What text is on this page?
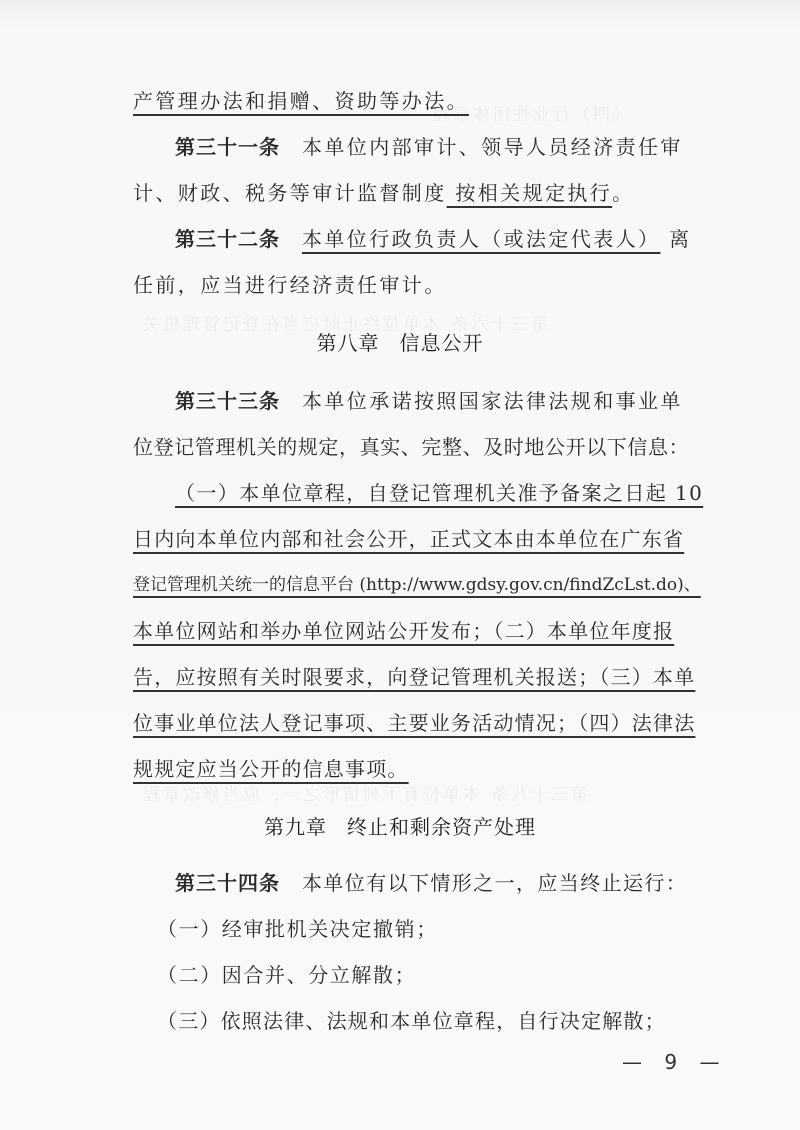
（四）行业性团体章程
第三十六条 本单位终止时应当在登记管理机关
第三十八条 本单位有下列情形之一，应当修改章程
产管理办法和捐赠、资助等办法。
第三十一条 本单位内部审计、领导人员经济责任审
计、财政、税务等审计监督制度 按相关规定执行。
第三十二条 本单位行政负责人（或法定代表人） 离
任前，应当进行经济责任审计。
第八章 信息公开
第三十三条 本单位承诺按照国家法律法规和事业单
位登记管理机关的规定，真实、完整、及时地公开以下信息：
（一）本单位章程，自登记管理机关准予备案之日起 10
日内向本单位内部和社会公开，正式文本由本单位在广东省
登记管理机关统一的信息平台 (http://www.gdsy.gov.cn/findZcLst.do)、
本单位网站和举办单位网站公开发布；（二）本单位年度报
告，应按照有关时限要求，向登记管理机关报送；（三）本单
位事业单位法人登记事项、主要业务活动情况；（四）法律法
规规定应当公开的信息事项。
第九章 终止和剩余资产处理
第三十四条 本单位有以下情形之一，应当终止运行：
（一）经审批机关决定撤销；
（二）因合并、分立解散；
（三）依照法律、法规和本单位章程，自行决定解散；
— 9 —
